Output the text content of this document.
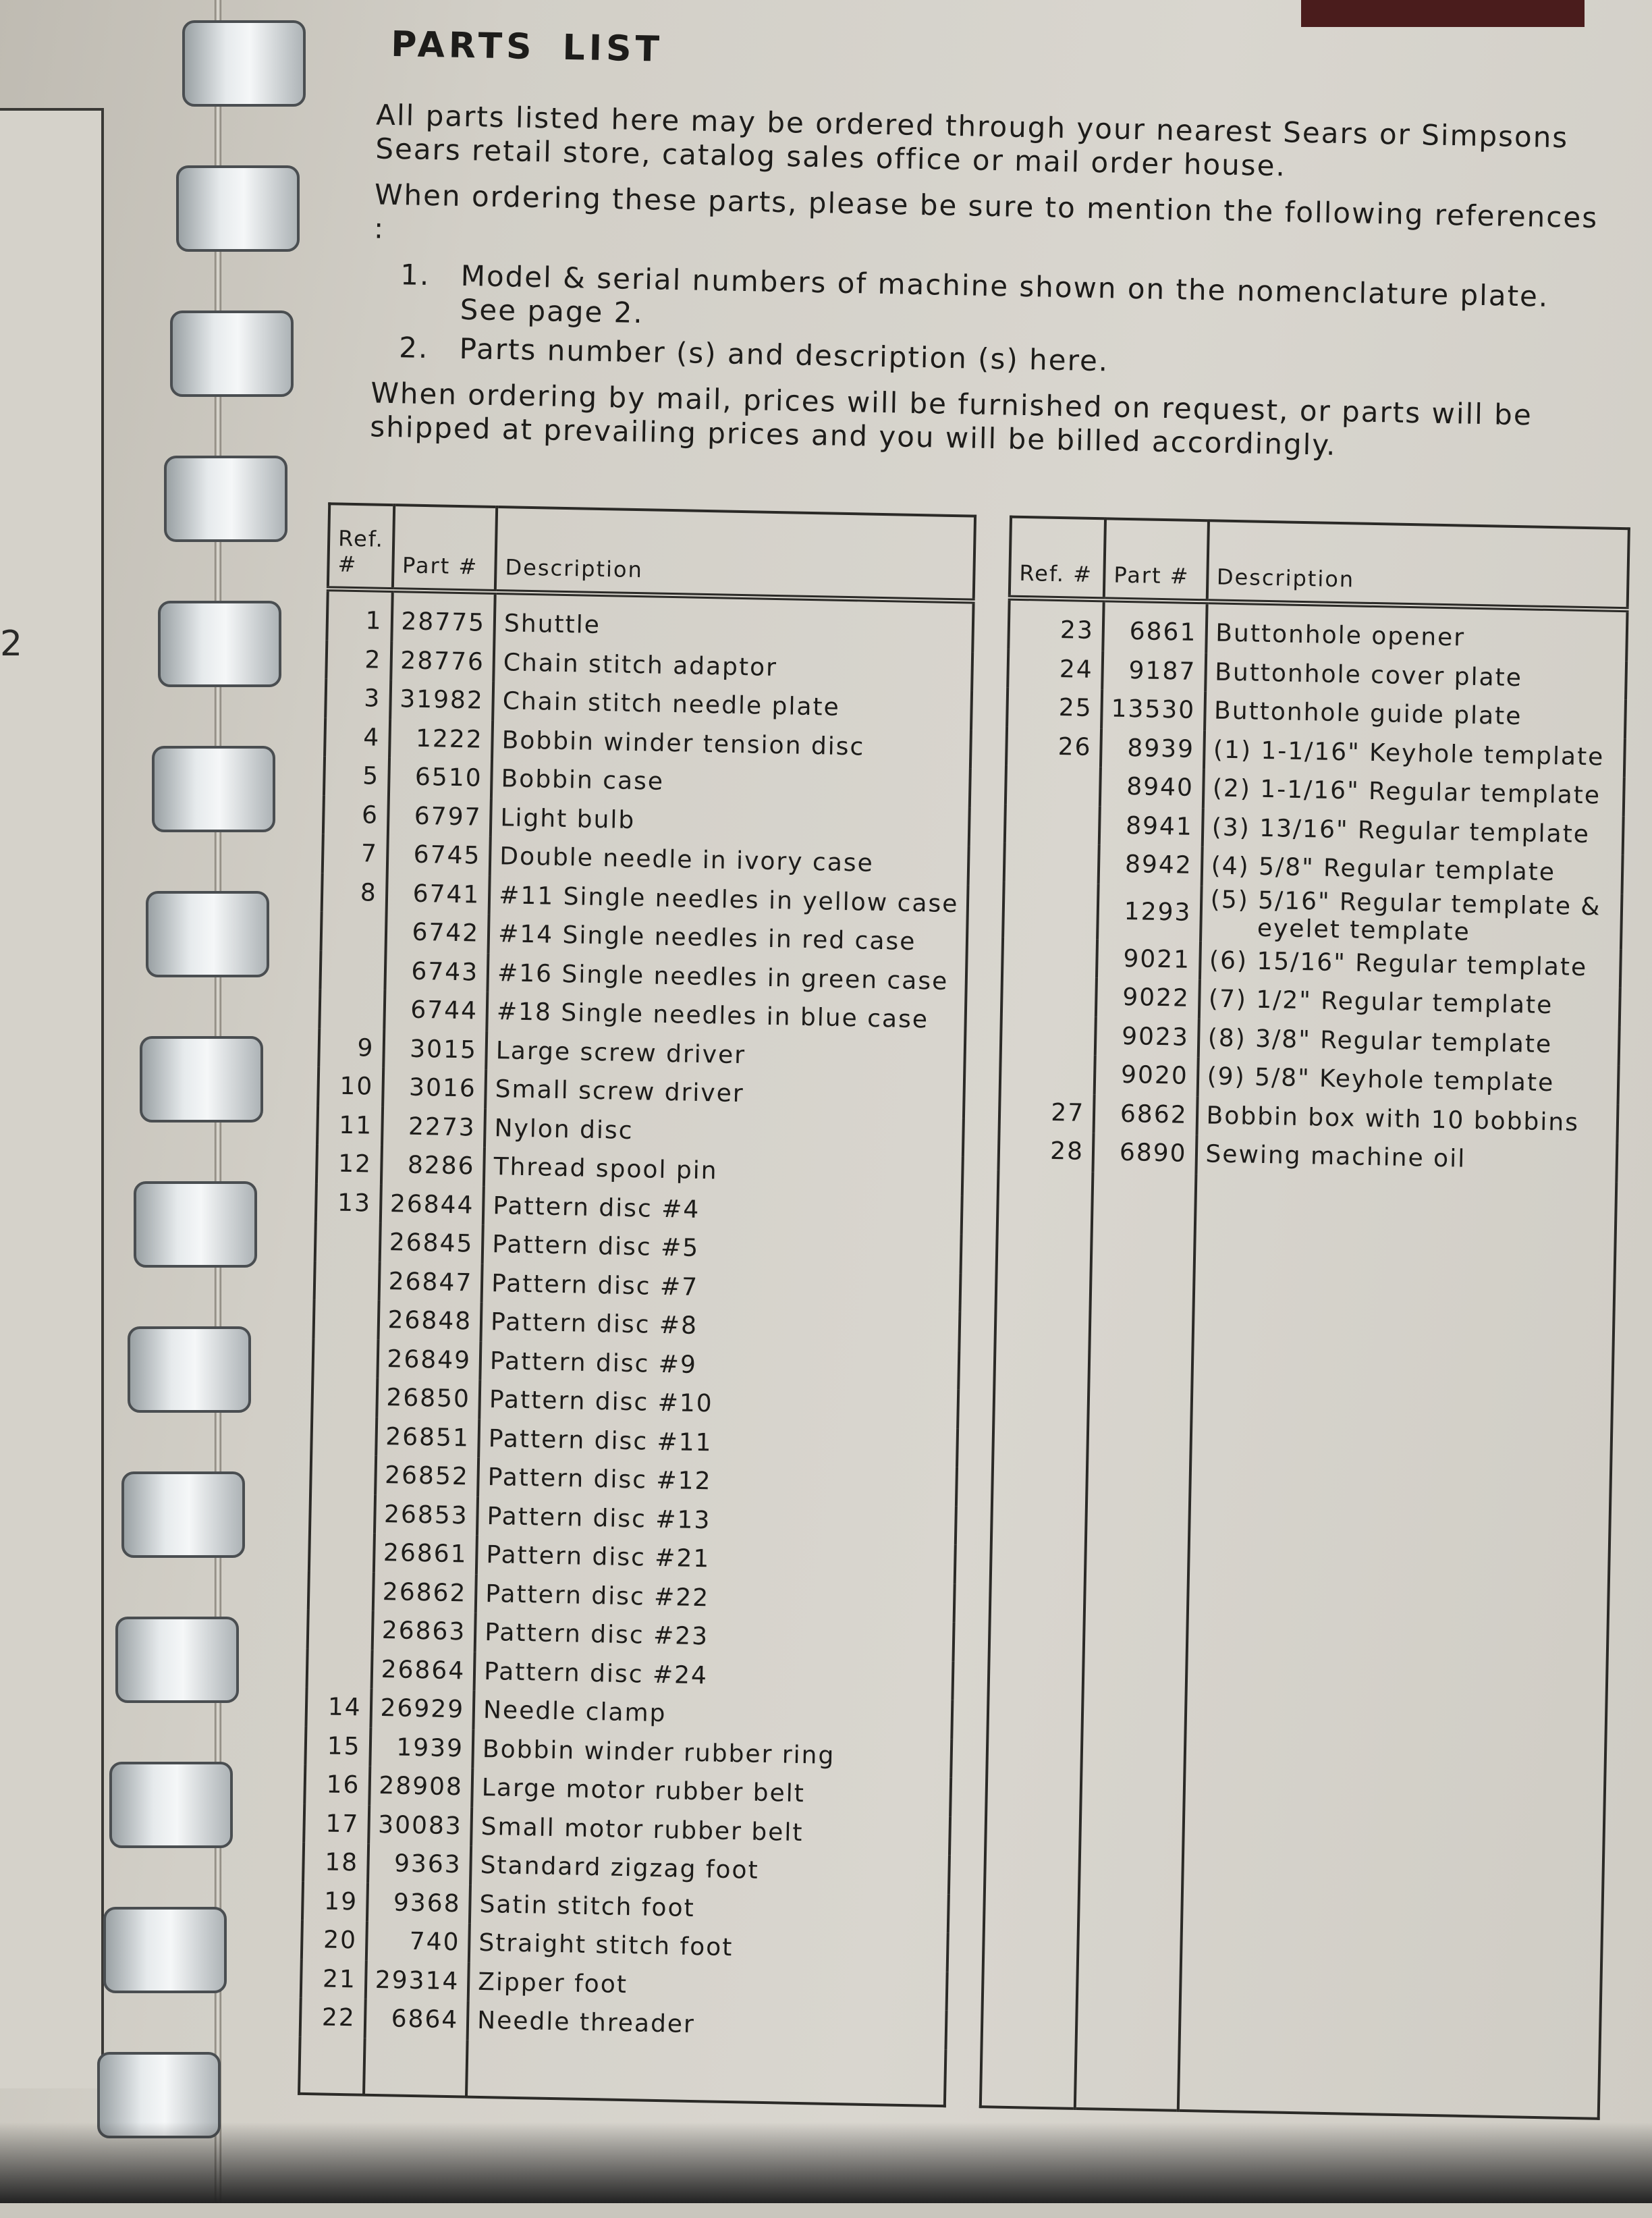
2
PARTS LIST

All parts listed here may be ordered through your nearest Sears or Simpsons Sears retail store, catalog sales office or mail order house.

When ordering these parts, please be sure to mention the following references :

1. Model & serial numbers of machine shown on the nomenclature plate. See page 2.
2. Parts number (s) and description (s) here.

When ordering by mail, prices will be furnished on request, or parts will be shipped at prevailing prices and you will be billed accordingly.

Ref. #	Part #	Description
1	28775	Shuttle

2	28776	Chain stitch adaptor

3	31982	Chain stitch needle plate

4	1222	Bobbin winder tension disc

5	6510	Bobbin case

6	6797	Light bulb

7	6745	Double needle in ivory case

8	6741	#11 Single needles in yellow case

	6742	#14 Single needles in red case

	6743	#16 Single needles in green case

	6744	#18 Single needles in blue case

9	3015	Large screw driver

10	3016	Small screw driver

11	2273	Nylon disc

12	8286	Thread spool pin

13	26844	Pattern disc #4

	26845	Pattern disc #5

	26847	Pattern disc #7

	26848	Pattern disc #8

	26849	Pattern disc #9

	26850	Pattern disc #10

	26851	Pattern disc #11

	26852	Pattern disc #12

	26853	Pattern disc #13

	26861	Pattern disc #21

	26862	Pattern disc #22

	26863	Pattern disc #23

	26864	Pattern disc #24

14	26929	Needle clamp

15	1939	Bobbin winder rubber ring

16	28908	Large motor rubber belt

17	30083	Small motor rubber belt

18	9363	Standard zigzag foot

19	9368	Satin stitch foot

20	740	Straight stitch foot

21	29314	Zipper foot

22	6864	Needle threader

Ref. #	Part #	Description
23	6861	Buttonhole opener

24	9187	Buttonhole cover plate

25	13530	Buttonhole guide plate

26	8939	(1) 1-1/16" Keyhole template

	8940	(2) 1-1/16" Regular template

	8941	(3) 13/16" Regular template

	8942	(4) 5/8" Regular template

	1293	(5) 5/16" Regular template &
eyelet template

	9021	(6) 15/16" Regular template

	9022	(7) 1/2" Regular template

	9023	(8) 3/8" Regular template

	9020	(9) 5/8" Keyhole template

27	6862	Bobbin box with 10 bobbins

28	6890	Sewing machine oil
